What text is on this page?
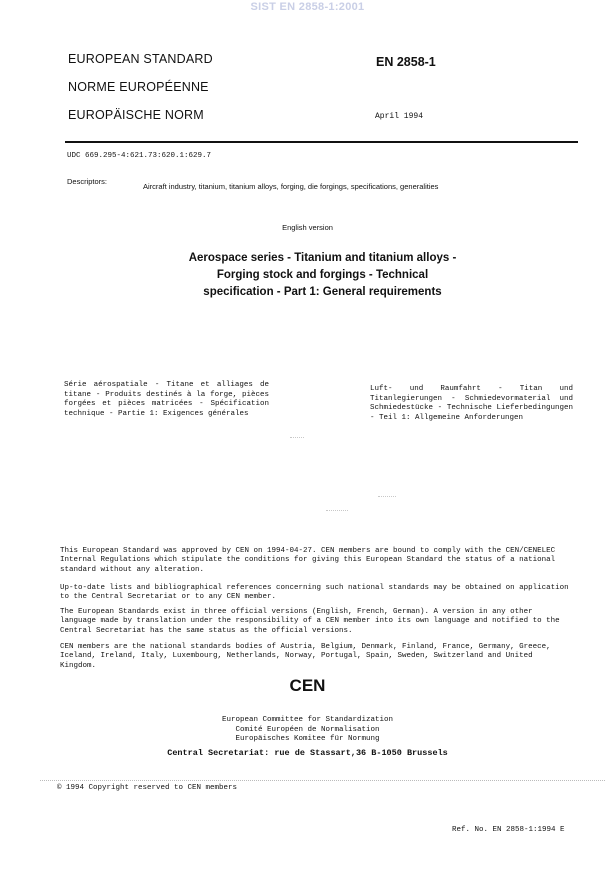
SIST EN 2858-1:2001
EUROPEAN STANDARD
NORME EUROPÉENNE
EUROPÄISCHE NORM
EN 2858-1
April 1994
UDC 669.295-4:621.73:620.1:629.7
Descriptors:
Aircraft industry, titanium, titanium alloys, forging, die forgings, specifications, generalities
English version
Aerospace series - Titanium and titanium alloys -
Forging stock and forgings - Technical
specification - Part 1: General requirements
Série aérospatiale - Titane et alliages de titane - Produits destinés à la forge, pièces forgées et pièces matricées - Spécification technique - Partie 1: Exigences générales
Luft- und Raumfahrt - Titan und Titanlegierungen - Schmiedevormaterial und Schmiedestücke - Technische Lieferbedingungen - Teil 1: Allgemeine Anforderungen
This European Standard was approved by CEN on 1994-04-27. CEN members are bound to comply with the CEN/CENELEC Internal Regulations which stipulate the conditions for giving this European Standard the status of a national standard without any alteration.
Up-to-date lists and bibliographical references concerning such national standards may be obtained on application to the Central Secretariat or to any CEN member.
The European Standards exist in three official versions (English, French, German). A version in any other language made by translation under the responsibility of a CEN member into its own language and notified to the Central Secretariat has the same status as the official versions.
CEN members are the national standards bodies of Austria, Belgium, Denmark, Finland, France, Germany, Greece, Iceland, Ireland, Italy, Luxembourg, Netherlands, Norway, Portugal, Spain, Sweden, Switzerland and United Kingdom.
CEN
European Committee for Standardization
Comité Européen de Normalisation
Europäisches Komitee für Normung
Central Secretariat: rue de Stassart,36 B-1050 Brussels
© 1994 Copyright reserved to CEN members
Ref. No. EN 2858-1:1994 E
